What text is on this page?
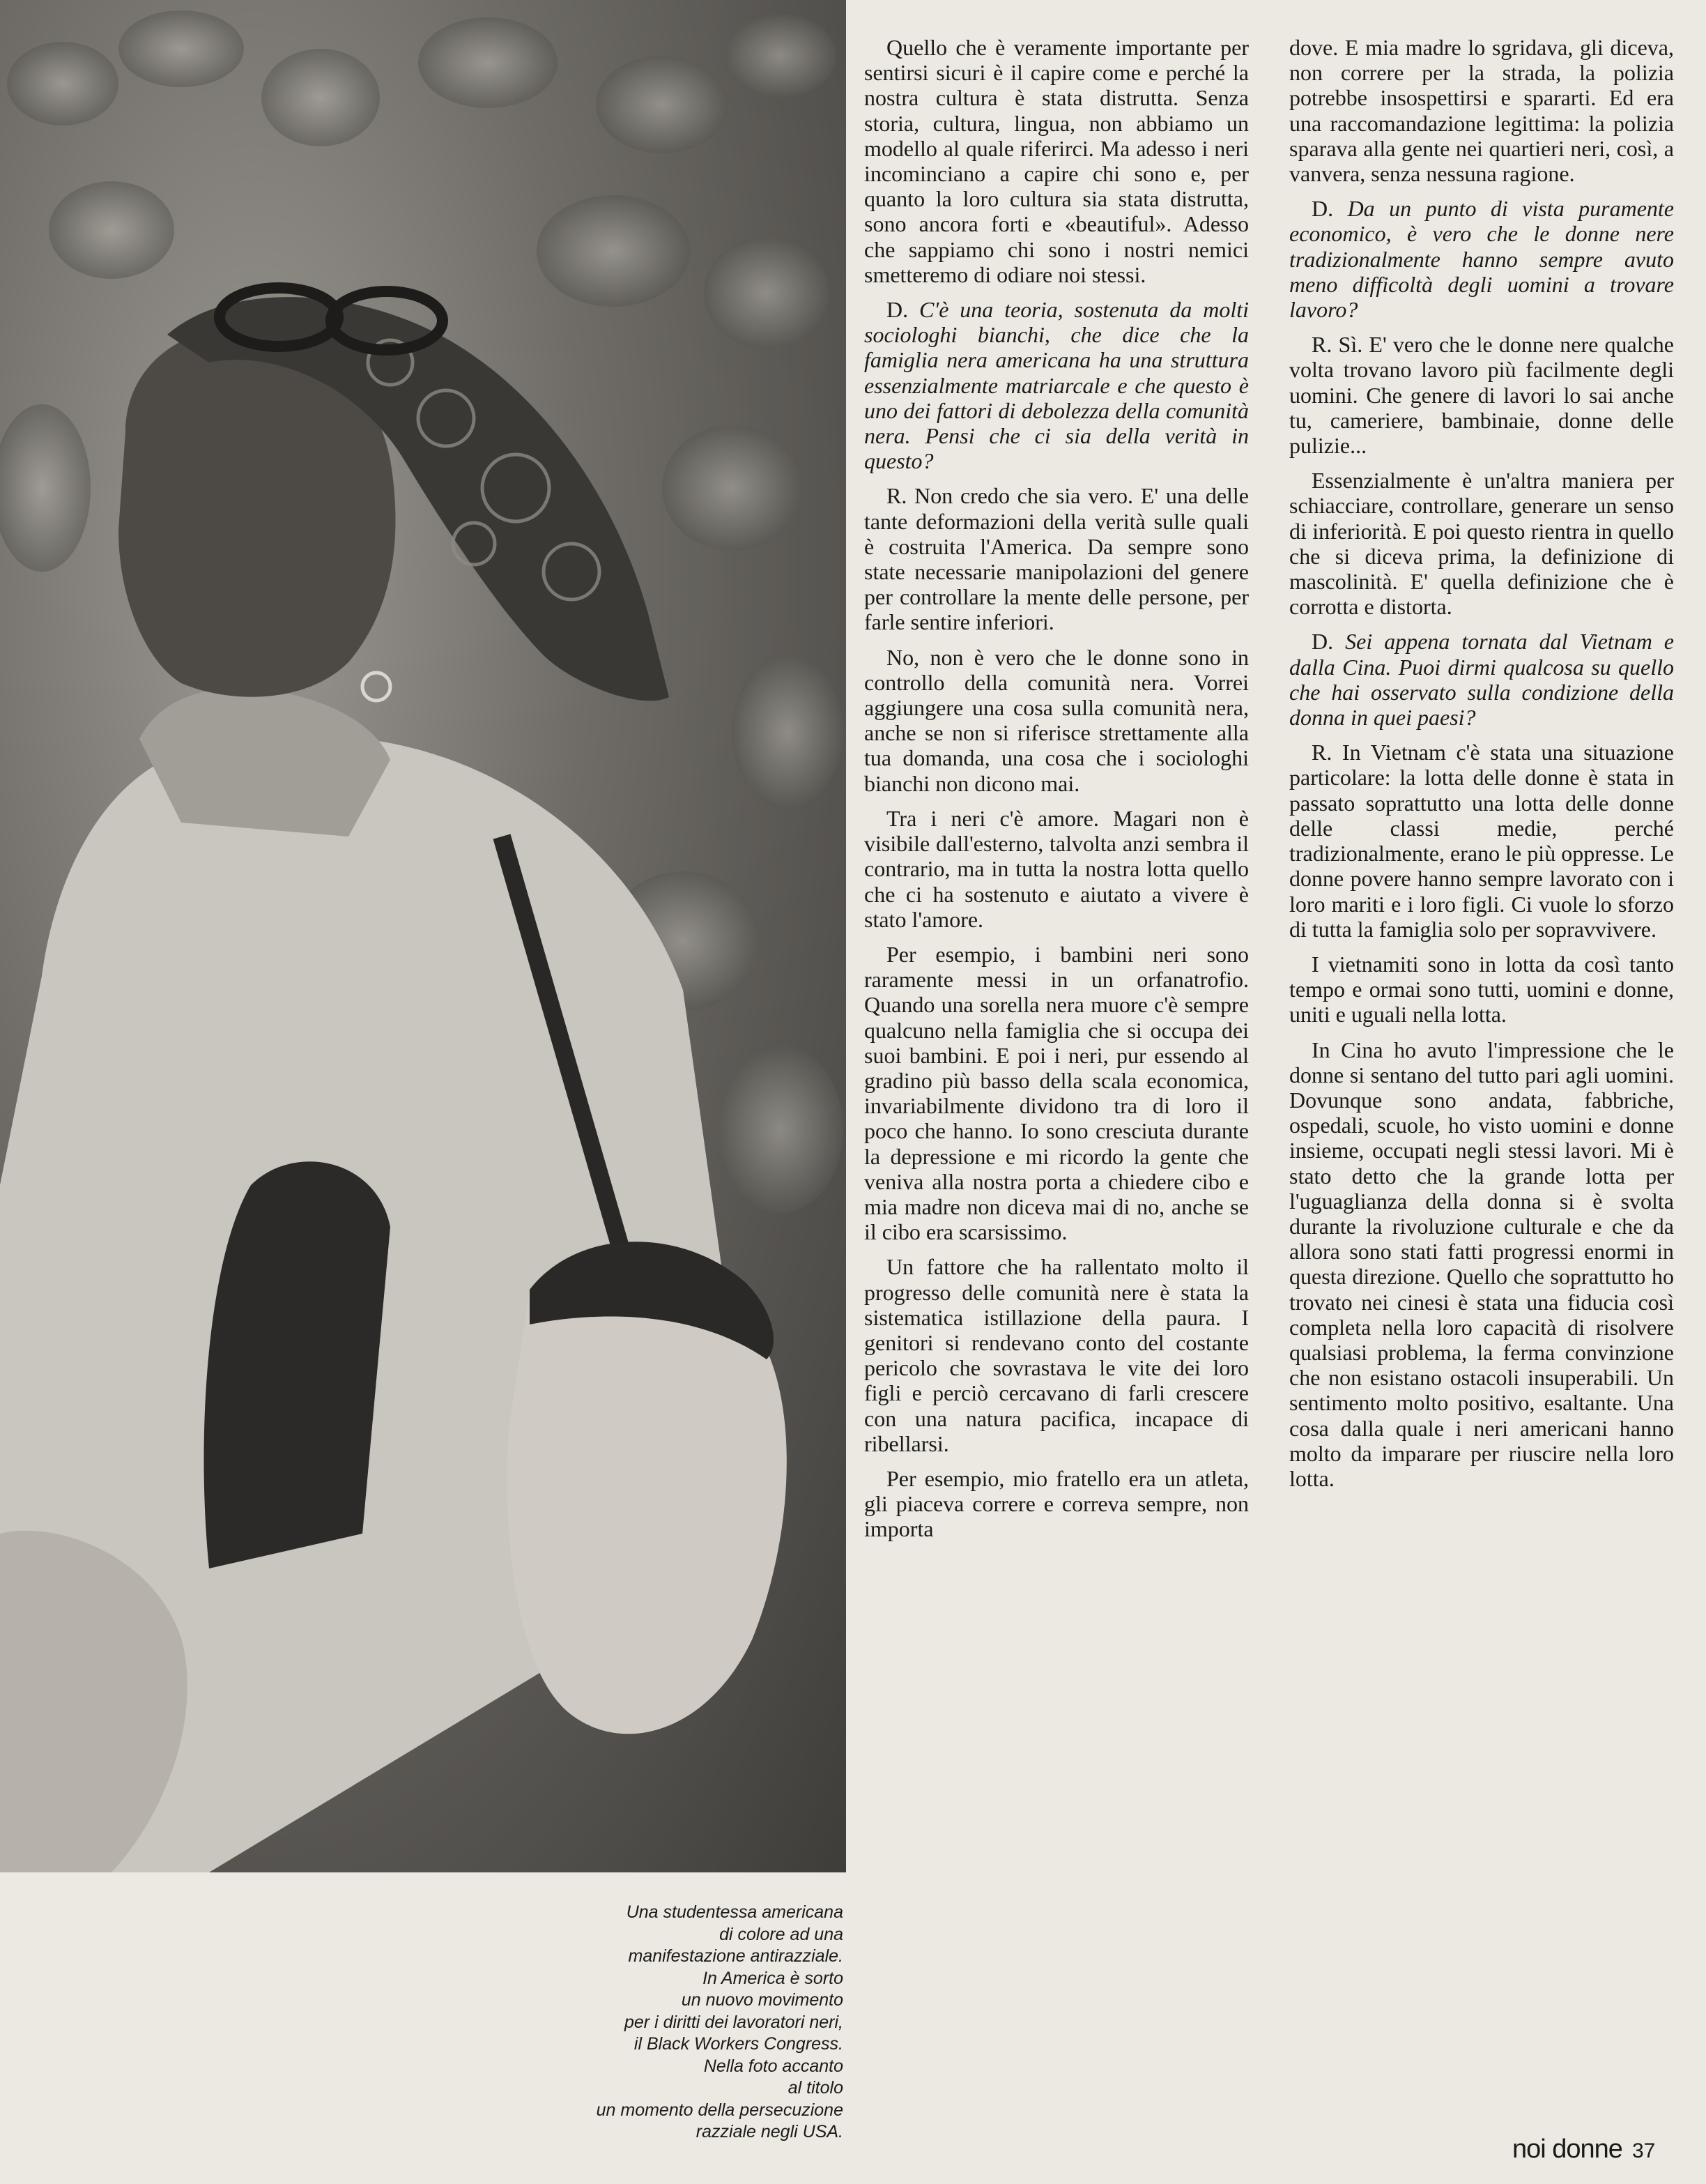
Una studentessa americana
di colore ad una
manifestazione antirazziale.
In America è sorto
un nuovo movimento
per i diritti dei lavoratori neri,
il Black Workers Congress.
Nella foto accanto
al titolo
un momento della persecuzione
razziale negli USA.

Quello che è veramente importante per sentirsi sicuri è il capire come e perché la nostra cultura è stata distrutta. Senza storia, cultura, lingua, non abbiamo un modello al quale riferirci. Ma adesso i neri incominciano a capire chi sono e, per quanto la loro cultura sia stata distrutta, sono ancora forti e «beautiful». Adesso che sappiamo chi sono i nostri nemici smetteremo di odiare noi stessi.

D. C'è una teoria, sostenuta da molti sociologhi bianchi, che dice che la famiglia nera americana ha una struttura essenzialmente matriarcale e che questo è uno dei fattori di debolezza della comunità nera. Pensi che ci sia della verità in questo?

R. Non credo che sia vero. E' una delle tante deformazioni della verità sulle quali è costruita l'America. Da sempre sono state necessarie manipolazioni del genere per controllare la mente delle persone, per farle sentire inferiori.

No, non è vero che le donne sono in controllo della comunità nera. Vorrei aggiungere una cosa sulla comunità nera, anche se non si riferisce strettamente alla tua domanda, una cosa che i sociologhi bianchi non dicono mai.

Tra i neri c'è amore. Magari non è visibile dall'esterno, talvolta anzi sembra il contrario, ma in tutta la nostra lotta quello che ci ha sostenuto e aiutato a vivere è stato l'amore.

Per esempio, i bambini neri sono raramente messi in un orfanatrofio. Quando una sorella nera muore c'è sempre qualcuno nella famiglia che si occupa dei suoi bambini. E poi i neri, pur essendo al gradino più basso della scala economica, invariabilmente dividono tra di loro il poco che hanno. Io sono cresciuta durante la depressione e mi ricordo la gente che veniva alla nostra porta a chiedere cibo e mia madre non diceva mai di no, anche se il cibo era scarsissimo.

Un fattore che ha rallentato molto il progresso delle comunità nere è stata la sistematica istillazione della paura. I genitori si rendevano conto del costante pericolo che sovrastava le vite dei loro figli e perciò cercavano di farli crescere con una natura pacifica, incapace di ribellarsi.

Per esempio, mio fratello era un atleta, gli piaceva correre e correva sempre, non importa

dove. E mia madre lo sgridava, gli diceva, non correre per la strada, la polizia potrebbe insospettirsi e spararti. Ed era una raccomandazione legittima: la polizia sparava alla gente nei quartieri neri, così, a vanvera, senza nessuna ragione.

D. Da un punto di vista puramente economico, è vero che le donne nere tradizionalmente hanno sempre avuto meno difficoltà degli uomini a trovare lavoro?

R. Sì. E' vero che le donne nere qualche volta trovano lavoro più facilmente degli uomini. Che genere di lavori lo sai anche tu, cameriere, bambinaie, donne delle pulizie...

Essenzialmente è un'altra maniera per schiacciare, controllare, generare un senso di inferiorità. E poi questo rientra in quello che si diceva prima, la definizione di mascolinità. E' quella definizione che è corrotta e distorta.

D. Sei appena tornata dal Vietnam e dalla Cina. Puoi dirmi qualcosa su quello che hai osservato sulla condizione della donna in quei paesi?

R. In Vietnam c'è stata una situazione particolare: la lotta delle donne è stata in passato soprattutto una lotta delle donne delle classi medie, perché tradizionalmente, erano le più oppresse. Le donne povere hanno sempre lavorato con i loro mariti e i loro figli. Ci vuole lo sforzo di tutta la famiglia solo per sopravvivere.

I vietnamiti sono in lotta da così tanto tempo e ormai sono tutti, uomini e donne, uniti e uguali nella lotta.

In Cina ho avuto l'impressione che le donne si sentano del tutto pari agli uomini. Dovunque sono andata, fabbriche, ospedali, scuole, ho visto uomini e donne insieme, occupati negli stessi lavori. Mi è stato detto che la grande lotta per l'uguaglianza della donna si è svolta durante la rivoluzione culturale e che da allora sono stati fatti progressi enormi in questa direzione. Quello che soprattutto ho trovato nei cinesi è stata una fiducia così completa nella loro capacità di risolvere qualsiasi problema, la ferma convinzione che non esistano ostacoli insuperabili. Un sentimento molto positivo, esaltante. Una cosa dalla quale i neri americani hanno molto da imparare per riuscire nella loro lotta.

noi donne 37
